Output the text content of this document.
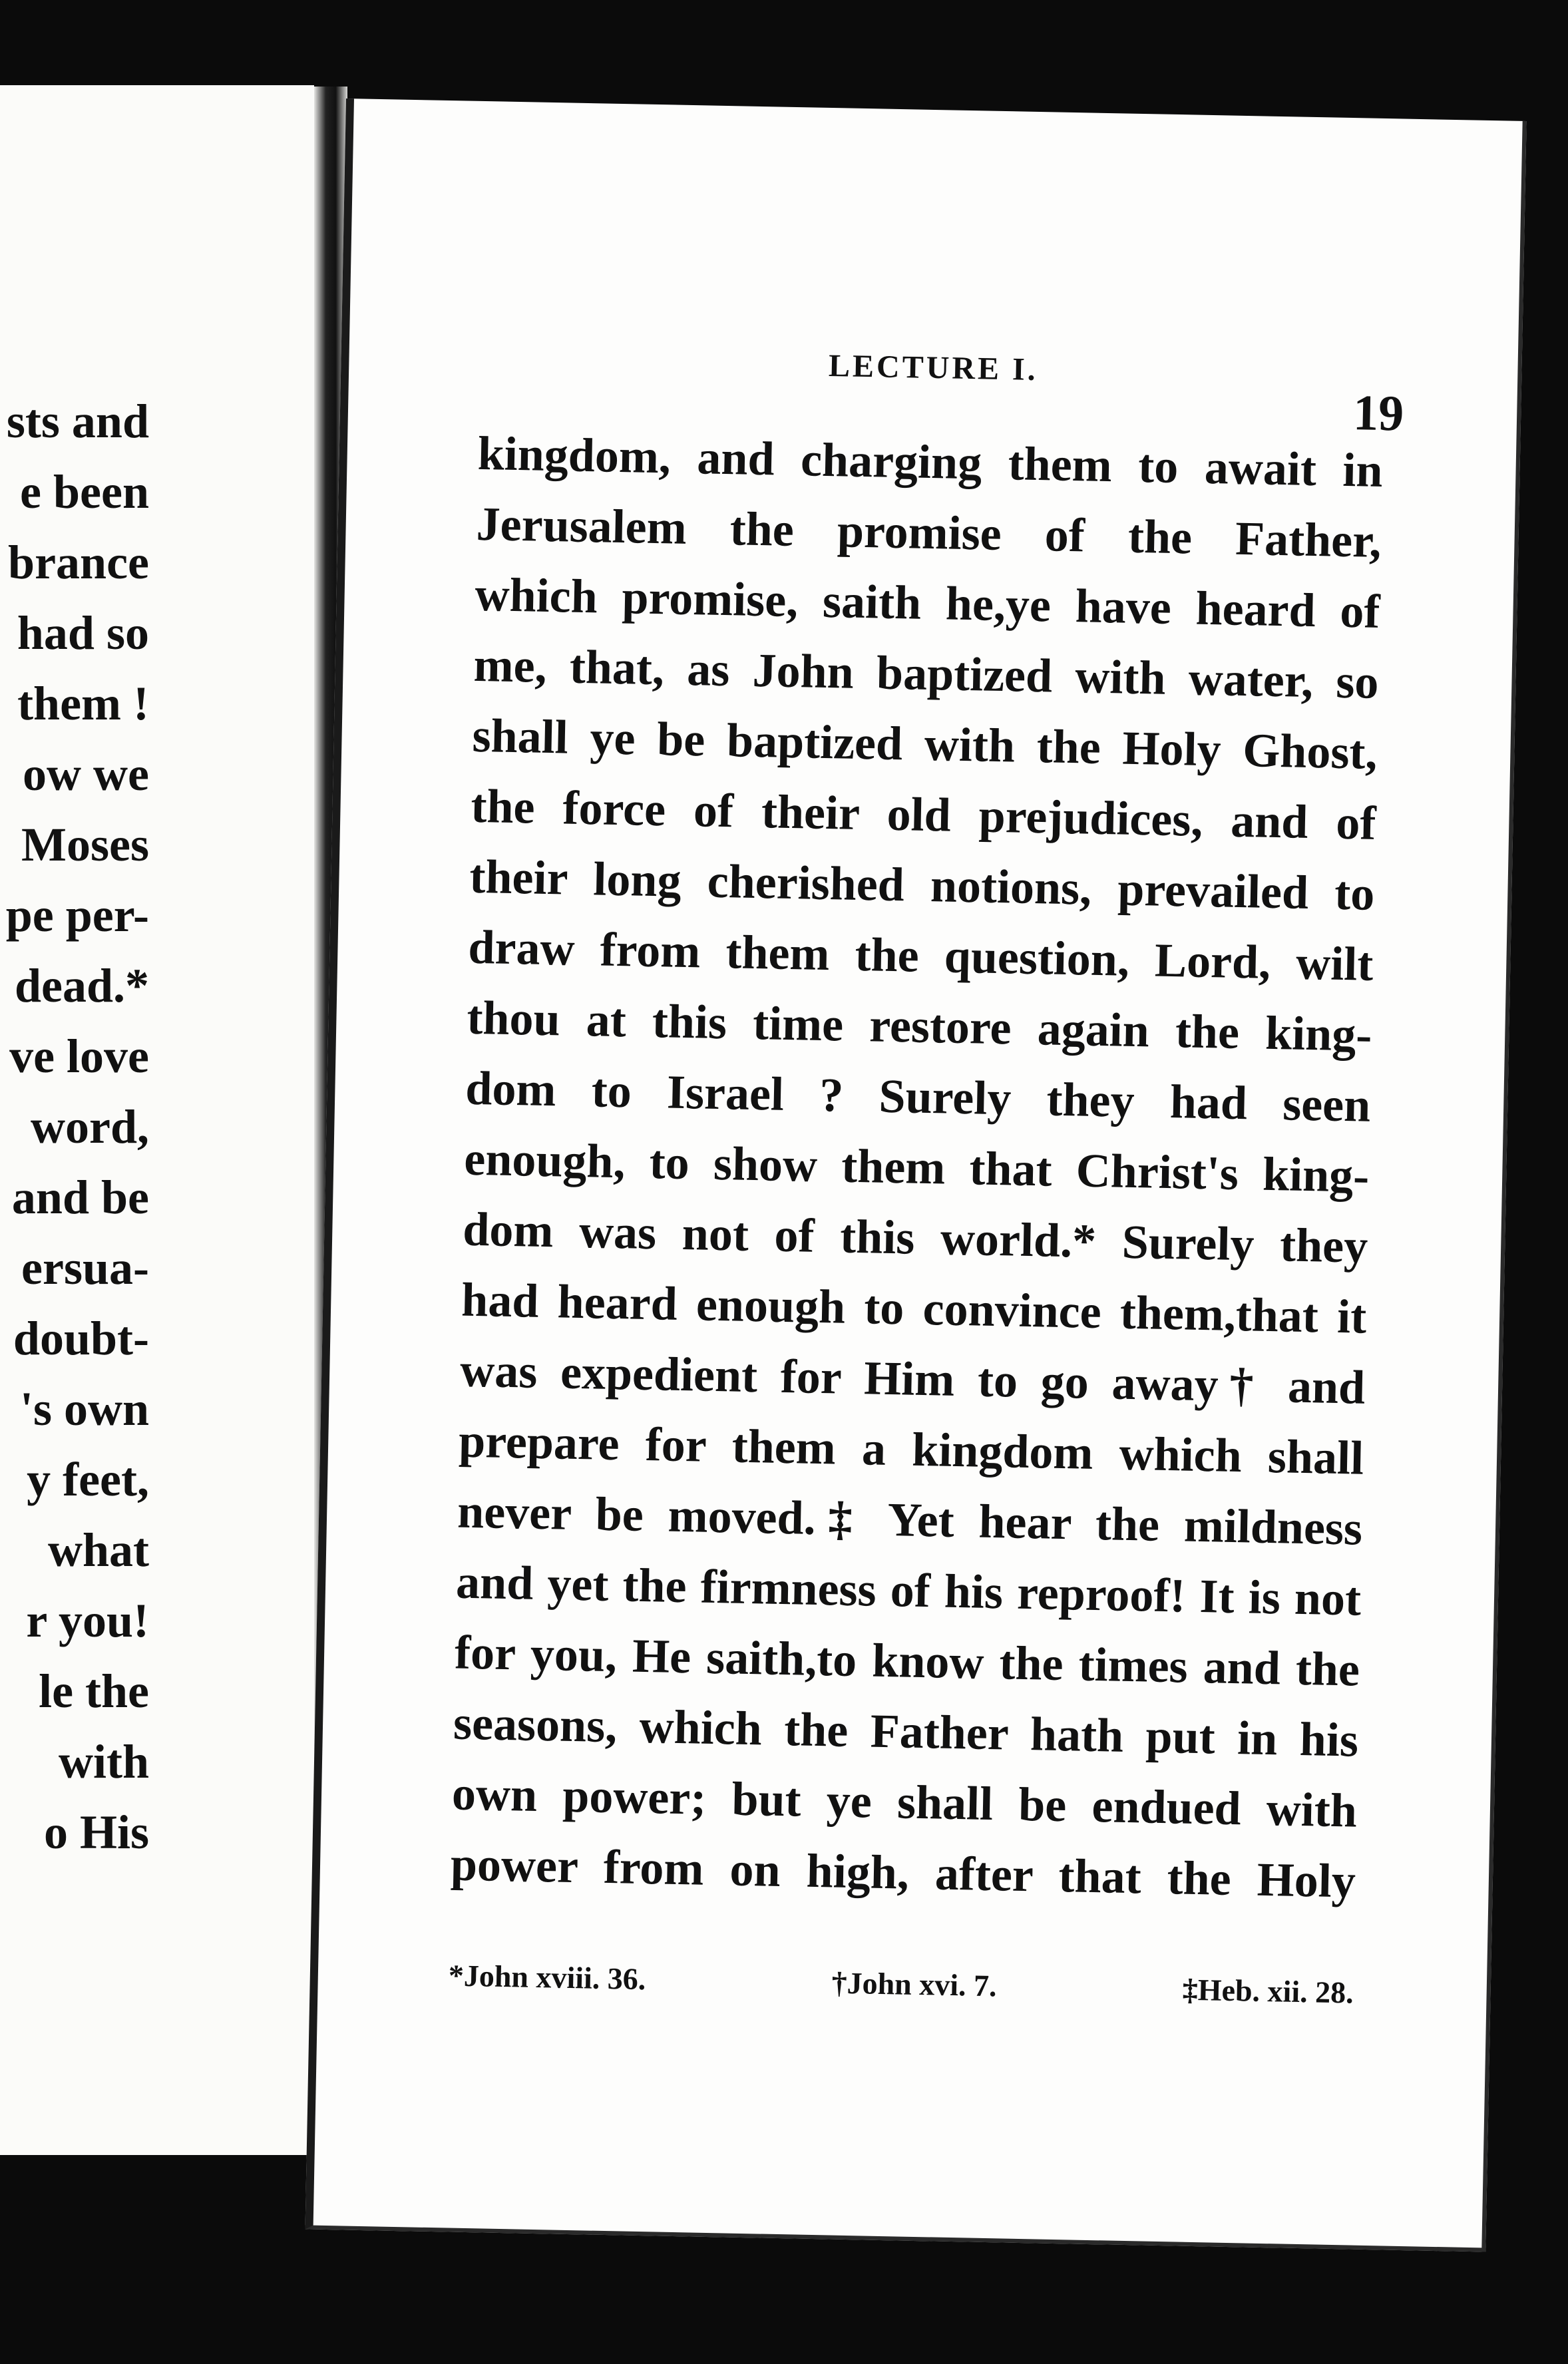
sts and
e been
brance
had so
them !
ow we
Moses
pe per-
dead.*
ve love
word,
and be
ersua-
doubt-
's own
y feet,
what
r you!
le the
with
o His
LECTURE I.
19
kingdom, and charging them to await in
Jerusalem the promise of the Father,
which promise, saith he,ye have heard of
me, that, as John baptized with water, so
shall ye be baptized with the Holy Ghost,
the force of their old prejudices, and of
their long cherished notions, prevailed to
draw from them the question, Lord, wilt
thou at this time restore again the king-
dom to Israel ? Surely they had seen
enough, to show them that Christ's king-
dom was not of this world.* Surely they
had heard enough to convince them,that it
was expedient for Him to go away† and
prepare for them a kingdom which shall
never be moved.‡ Yet hear the mildness
and yet the firmness of his reproof! It is not
for you, He saith,to know the times and the
seasons, which the Father hath put in his
own power; but ye shall be endued with
power from on high, after that the Holy
*John xviii. 36.	†John xvi. 7.	‡Heb. xii. 28.
